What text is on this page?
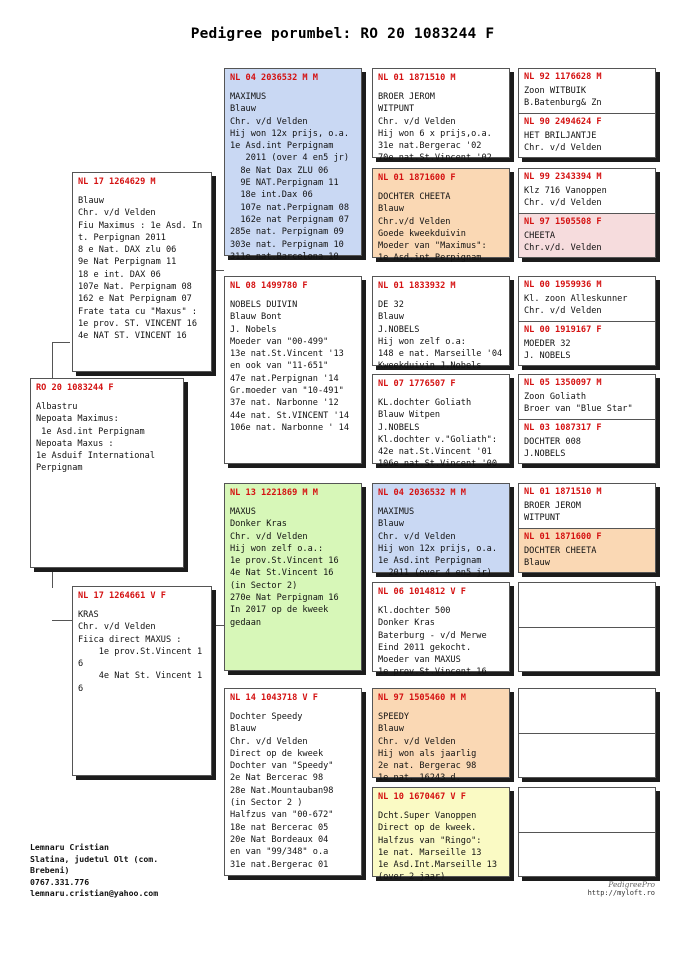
Pedigree porumbel: RO 20 1083244 F
RO 20 1083244 F
Albastru
Nepoata Maximus:
1e Asd.int Perpignam
Nepoata Maxus :
1e Asduif International
Perpignam
NL 17 1264629 M
Blauw
Chr. v/d Velden
Fiu Maximus : 1e Asd. In
t. Perpignan 2011
8 e Nat. DAX zlu 06
9e Nat Perpignam 11
18 e int. DAX 06
107e Nat. Perpignam 08
162 e Nat Perpignam 07
Frate tata cu "Maxus" :
1e prov. ST. VINCENT 16
4e NAT ST. VINCENT 16
NL 17 1264661 V F
KRAS
Chr. v/d Velden
Fiica direct MAXUS :
1e prov.St.Vincent 1
6
4e Nat St. Vincent 1
6
NL 04 2036532 M M
MAXIMUS
Blauw
Chr. v/d Velden
Hij won 12x prijs, o.a.
1e Asd.int Perpignam
2011 (over 4 en5 jr)
8e Nat Dax ZLU 06
9E NAT.Perpignam 11
18e int.Dax 06
107e nat.Perpignam 08
162e nat Perpignam 07
285e nat. Perpignam 09
303e nat. Perpignam 10
311e nat.Barcelona 10
NL 08 1499780 F
NOBELS DUIVIN
Blauw Bont
J. Nobels
Moeder van "00-499"
13e nat.St.Vincent '13
en ook van "11-651"
47e nat.Perpignan '14
Gr.moeder van "10-491"
37e nat. Narbonne '12
44e nat. St.VINCENT '14
106e nat. Narbonne ' 14
NL 13 1221869 M M
MAXUS
Donker Kras
Chr. v/d Velden
Hij won zelf o.a.:
1e prov.St.Vincent 16
4e Nat St.Vincent 16
(in Sector 2)
270e Nat Perpignam 16
In 2017 op de kweek
gedaan
NL 14 1043718 V F
Dochter Speedy
Blauw
Chr. v/d Velden
Direct op de kweek
Dochter van "Speedy"
2e Nat Bercerac 98
28e Nat.Mountauban98
(in Sector 2 )
Halfzus van "00-672"
18e nat Bercerac 05
20e Nat Bordeaux 04
en van "99/348" o.a
31e nat.Bergerac 01
NL 01 1871510 M
BROER JEROM
WITPUNT
Chr. v/d Velden
Hij won 6 x prijs,o.a.
31e nat.Bergerac '02
70e nat.St.Vincent '02
NL 01 1871600 F
DOCHTER CHEETA
Blauw
Chr.v/d Velden
Goede kweekduivin
Moeder van "Maximus":
1e Asd.int Perpignam
NL 01 1833932 M
DE 32
Blauw
J.NOBELS
Hij won zelf o.a:
148 e nat. Marseille '04
Kweekduivin J.Nobels
NL 07 1776507 F
KL.dochter Goliath
Blauw Witpen
J.NOBELS
Kl.dochter v."Goliath":
42e nat.St.Vincent '01
106e nat.St.Vincent '00
NL 04 2036532 M M
MAXIMUS
Blauw
Chr. v/d Velden
Hij won 12x prijs, o.a.
1e Asd.int Perpignam
2011 (over 4 en5 jr)
NL 06 1014812 V F
Kl.dochter 500
Donker Kras
Baterburg - v/d Merwe
Eind 2011 gekocht.
Moeder van MAXUS
1e prov.St.Vincent 16
NL 97 1505460 M M
SPEEDY
Blauw
Chr. v/d Velden
Hij won als jaarlig
2e nat. Bergerac 98
1e nat. 16243 d.
NL 10 1670467 V F
Dcht.Super Vanoppen
Direct op de kweek.
Halfzus van "Ringo":
1e nat. Marseille 13
1e Asd.Int.Marseille 13
(over 2 jaar)
NL 92 1176628 M
Zoon WITBUIK
B.Batenburg& Zn
NL 90 2494624 F
HET BRILJANTJE
Chr. v/d Velden
NL 99 2343394 M
Klz 716 Vanoppen
Chr. v/d Velden
NL 97 1505508 F
CHEETA
Chr.v/d. Velden
NL 00 1959936 M
Kl. zoon Alleskunner
Chr. v/d Velden
NL 00 1919167 F
MOEDER 32
J. NOBELS
NL 05 1350097 M
Zoon Goliath
Broer van "Blue Star"
NL 03 1087317 F
DOCHTER 008
J.NOBELS
NL 01 1871510 M
BROER JEROM
WITPUNT
NL 01 1871600 F
DOCHTER CHEETA
Blauw
Lemnaru Cristian
Slatina, judetul Olt (com.
Brebeni)
0767.331.776
lemnaru.cristian@yahoo.com
PedigreePro
http://myloft.ro
